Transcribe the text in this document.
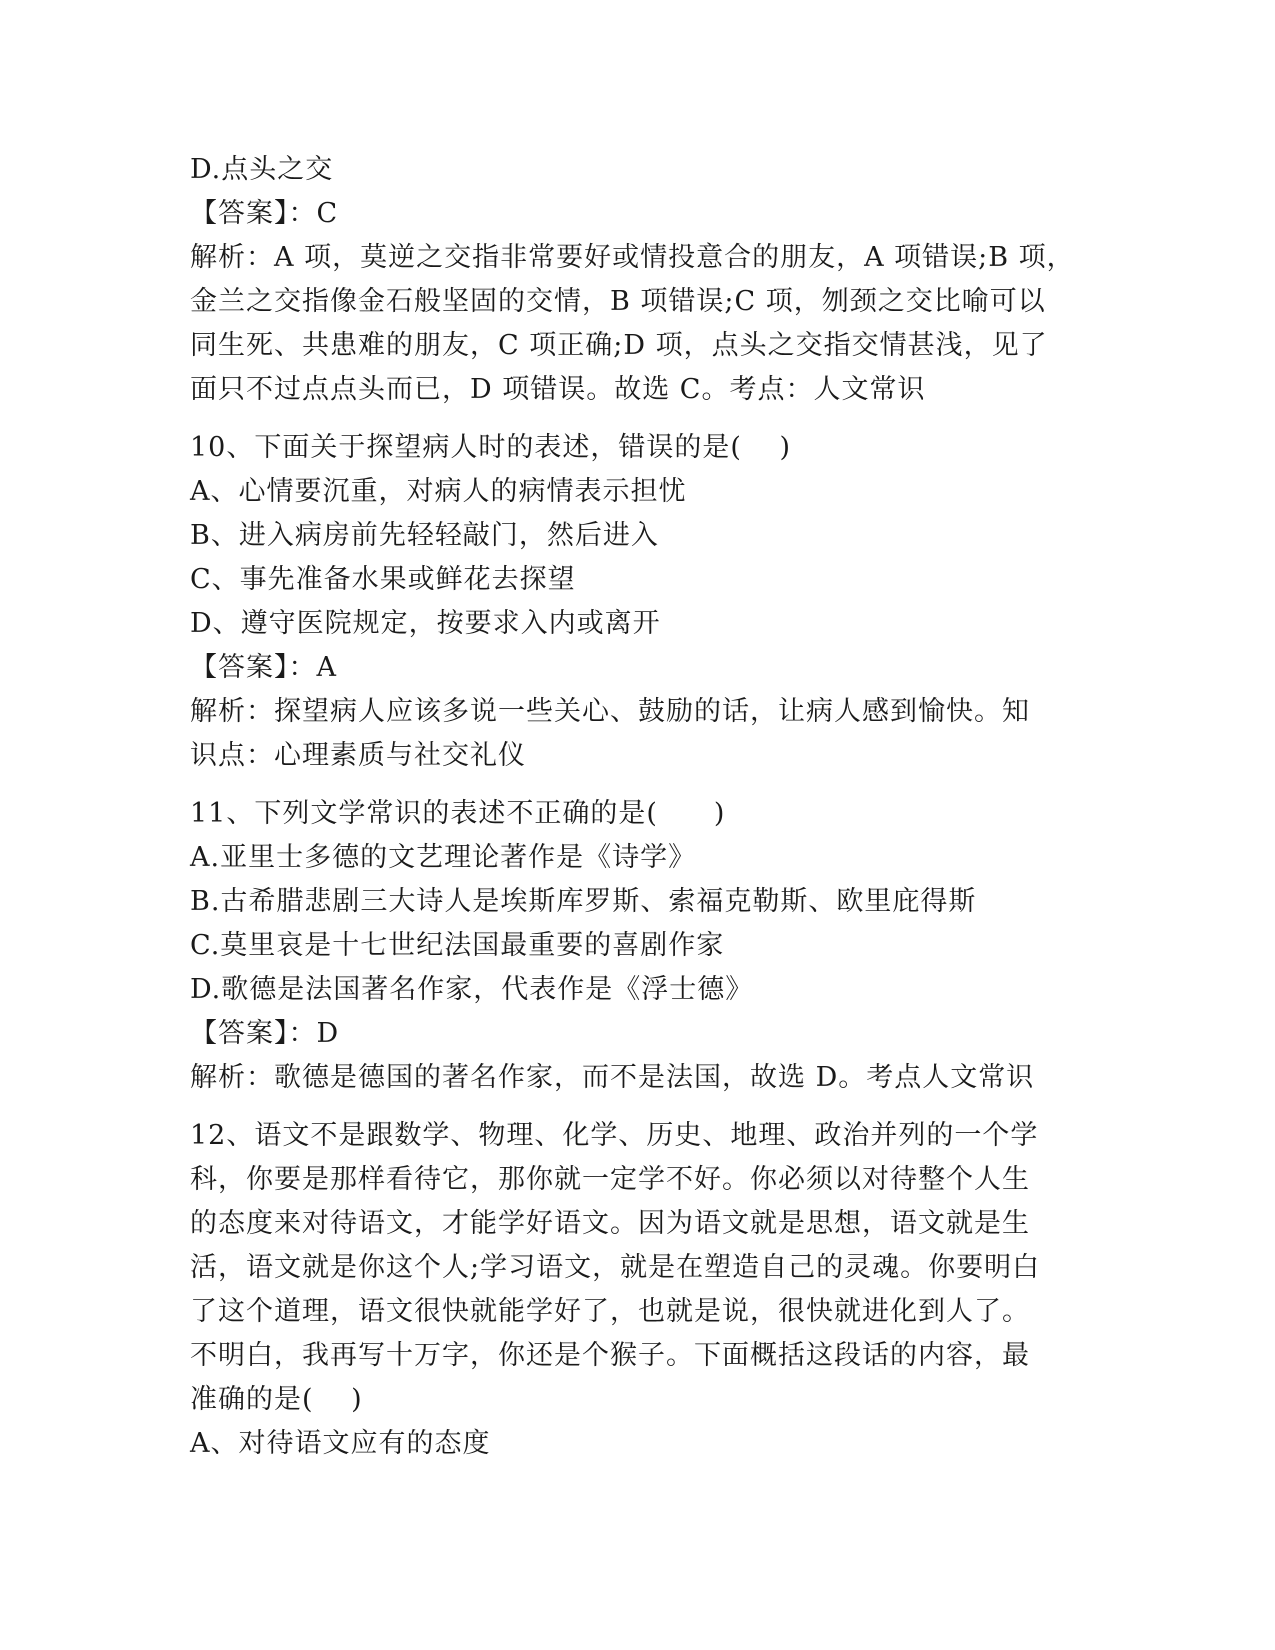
D.点头之交
【答案】：C
解析：A 项，莫逆之交指非常要好或情投意合的朋友，A 项错误;B 项，
金兰之交指像金石般坚固的交情，B 项错误;C 项，刎颈之交比喻可以
同生死、共患难的朋友，C 项正确;D 项，点头之交指交情甚浅，见了
面只不过点点头而已，D 项错误。故选 C。考点：人文常识
10、下面关于探望病人时的表述，错误的是(　 )
A、心情要沉重，对病人的病情表示担忧
B、进入病房前先轻轻敲门，然后进入
C、事先准备水果或鲜花去探望
D、遵守医院规定，按要求入内或离开
【答案】：A
解析：探望病人应该多说一些关心、鼓励的话，让病人感到愉快。知
识点：心理素质与社交礼仪
11、下列文学常识的表述不正确的是(　　)
A.亚里士多德的文艺理论著作是《诗学》
B.古希腊悲剧三大诗人是埃斯库罗斯、索福克勒斯、欧里庇得斯
C.莫里哀是十七世纪法国最重要的喜剧作家
D.歌德是法国著名作家，代表作是《浮士德》
【答案】：D
解析：歌德是德国的著名作家，而不是法国，故选 D。考点人文常识
12、语文不是跟数学、物理、化学、历史、地理、政治并列的一个学
科，你要是那样看待它，那你就一定学不好。你必须以对待整个人生
的态度来对待语文，才能学好语文。因为语文就是思想，语文就是生
活，语文就是你这个人;学习语文，就是在塑造自己的灵魂。你要明白
了这个道理，语文很快就能学好了，也就是说，很快就进化到人了。
不明白，我再写十万字，你还是个猴子。下面概括这段话的内容，最
准确的是(　 )
A、对待语文应有的态度
